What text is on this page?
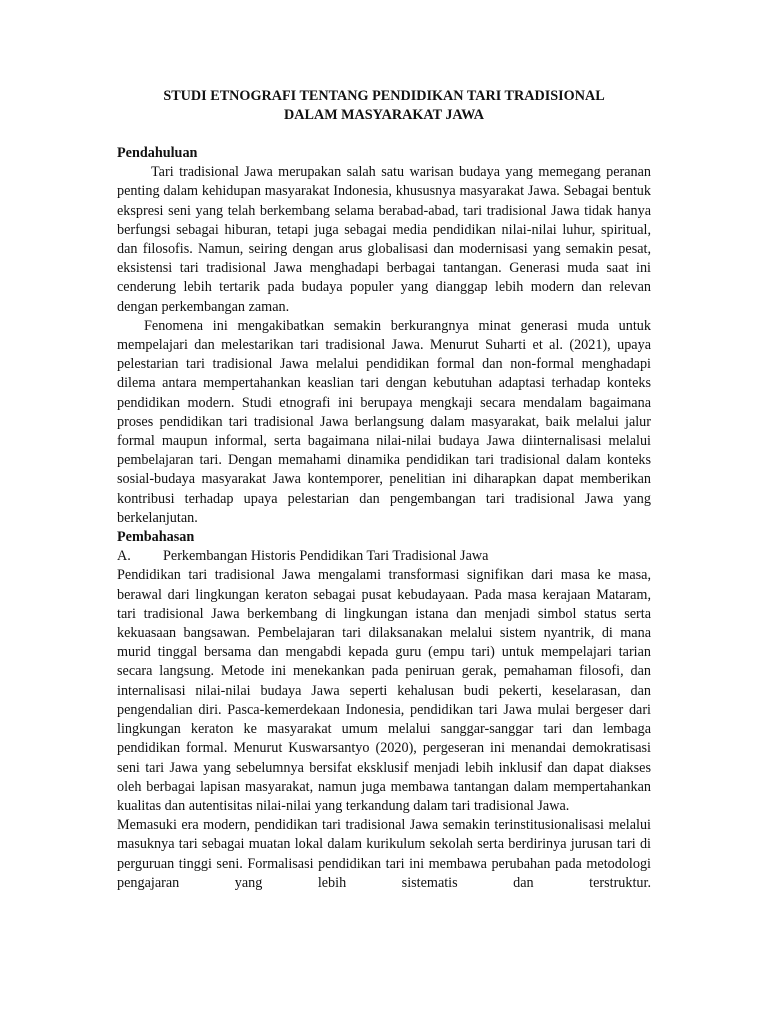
STUDI ETNOGRAFI TENTANG PENDIDIKAN TARI TRADISIONAL
DALAM MASYARAKAT JAWA
Pendahuluan

Tari tradisional Jawa merupakan salah satu warisan budaya yang memegang peranan penting dalam kehidupan masyarakat Indonesia, khususnya masyarakat Jawa. Sebagai bentuk ekspresi seni yang telah berkembang selama berabad-abad, tari tradisional Jawa tidak hanya berfungsi sebagai hiburan, tetapi juga sebagai media pendidikan nilai-nilai luhur, spiritual, dan filosofis. Namun, seiring dengan arus globalisasi dan modernisasi yang semakin pesat, eksistensi tari tradisional Jawa menghadapi berbagai tantangan. Generasi muda saat ini cenderung lebih tertarik pada budaya populer yang dianggap lebih modern dan relevan dengan perkembangan zaman.

Fenomena ini mengakibatkan semakin berkurangnya minat generasi muda untuk mempelajari dan melestarikan tari tradisional Jawa. Menurut Suharti et al. (2021), upaya pelestarian tari tradisional Jawa melalui pendidikan formal dan non-formal menghadapi dilema antara mempertahankan keaslian tari dengan kebutuhan adaptasi terhadap konteks pendidikan modern. Studi etnografi ini berupaya mengkaji secara mendalam bagaimana proses pendidikan tari tradisional Jawa berlangsung dalam masyarakat, baik melalui jalur formal maupun informal, serta bagaimana nilai-nilai budaya Jawa diinternalisasi melalui pembelajaran tari. Dengan memahami dinamika pendidikan tari tradisional dalam konteks sosial-budaya masyarakat Jawa kontemporer, penelitian ini diharapkan dapat memberikan kontribusi terhadap upaya pelestarian dan pengembangan tari tradisional Jawa yang berkelanjutan.

Pembahasan
A.	Perkembangan Historis Pendidikan Tari Tradisional Jawa

Pendidikan tari tradisional Jawa mengalami transformasi signifikan dari masa ke masa, berawal dari lingkungan keraton sebagai pusat kebudayaan. Pada masa kerajaan Mataram, tari tradisional Jawa berkembang di lingkungan istana dan menjadi simbol status serta kekuasaan bangsawan. Pembelajaran tari dilaksanakan melalui sistem nyantrik, di mana murid tinggal bersama dan mengabdi kepada guru (empu tari) untuk mempelajari tarian secara langsung. Metode ini menekankan pada peniruan gerak, pemahaman filosofi, dan internalisasi nilai-nilai budaya Jawa seperti kehalusan budi pekerti, keselarasan, dan pengendalian diri. Pasca-kemerdekaan Indonesia, pendidikan tari Jawa mulai bergeser dari lingkungan keraton ke masyarakat umum melalui sanggar-sanggar tari dan lembaga pendidikan formal. Menurut Kuswarsantyo (2020), pergeseran ini menandai demokratisasi seni tari Jawa yang sebelumnya bersifat eksklusif menjadi lebih inklusif dan dapat diakses oleh berbagai lapisan masyarakat, namun juga membawa tantangan dalam mempertahankan kualitas dan autentisitas nilai-nilai yang terkandung dalam tari tradisional Jawa.

Memasuki era modern, pendidikan tari tradisional Jawa semakin terinstitusionalisasi melalui masuknya tari sebagai muatan lokal dalam kurikulum sekolah serta berdirinya jurusan tari di perguruan tinggi seni. Formalisasi pendidikan tari ini membawa perubahan pada metodologi pengajaran yang lebih sistematis dan terstruktur.
